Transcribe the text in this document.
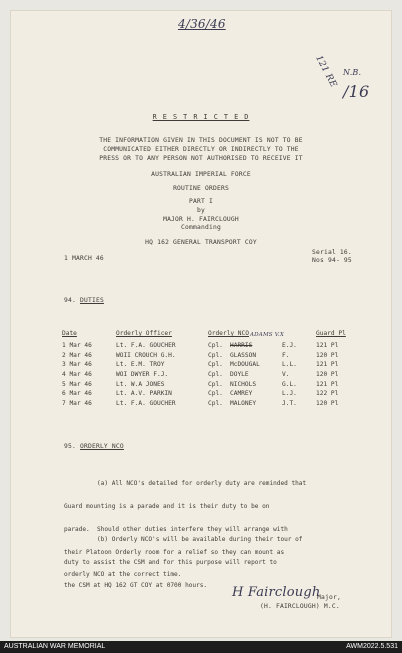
4/36/46
121 RE N.B.
/16
R E S T R I C T E D
THE INFORMATION GIVEN IN THIS DOCUMENT IS NOT TO BE
COMMUNICATED EITHER DIRECTLY OR INDIRECTLY TO THE
PRESS OR TO ANY PERSON NOT AUTHORISED TO RECEIVE IT
AUSTRALIAN IMPERIAL FORCE
ROUTINE ORDERS
PART I
by
MAJOR H. FAIRCLOUGH
Commanding
HQ 162 GENERAL TRANSPORT COY
1 MARCH 46
Serial 16.
Nos 94- 95
94. DUTIES
ADAMS V.X
Date	Orderly Officer	Orderly NCO			Guard Pl
1 Mar 46	Lt. F.A. GOUCHER	Cpl.	HARRIS	E.J.	121 Pl
2 Mar 46	WOII CROUCH G.H.	Cpl.	GLASSON	F.	120 Pl
3 Mar 46	Lt. E.M. TROY	Cpl.	McDOUGAL	L.L.	121 Pl
4 Mar 46	WOI DWYER F.J.	Cpl.	DOYLE	V.	120 Pl
5 Mar 46	Lt. W.A JONES	Cpl.	NICHOLS	G.L.	121 Pl
6 Mar 46	Lt. A.V. PARKIN	Cpl.	CAMREY	L.J.	122 Pl
7 Mar 46	Lt. F.A. GOUCHER	Cpl.	MALONEY	J.T.	120 Pl
95. ORDERLY NCO

(a) All NCO's detailed for orderly duty are reminded that

Guard mounting is a parade and it is their duty to be on

parade.  Should other duties interfere they will arrange with

their Platoon Orderly room for a relief so they can mount as

orderly NCO at the correct time.

(b) Orderly NCO's will be available during their tour of

duty to assist the CSM and for this purpose will report to

the CSM at HQ 162 GT COY at 0700 hours.

	H Fairclough
Major,
(H. FAIRCLOUGH) M.C.
AUSTRALIAN WAR MEMORIAL	AWM2022.5.531
